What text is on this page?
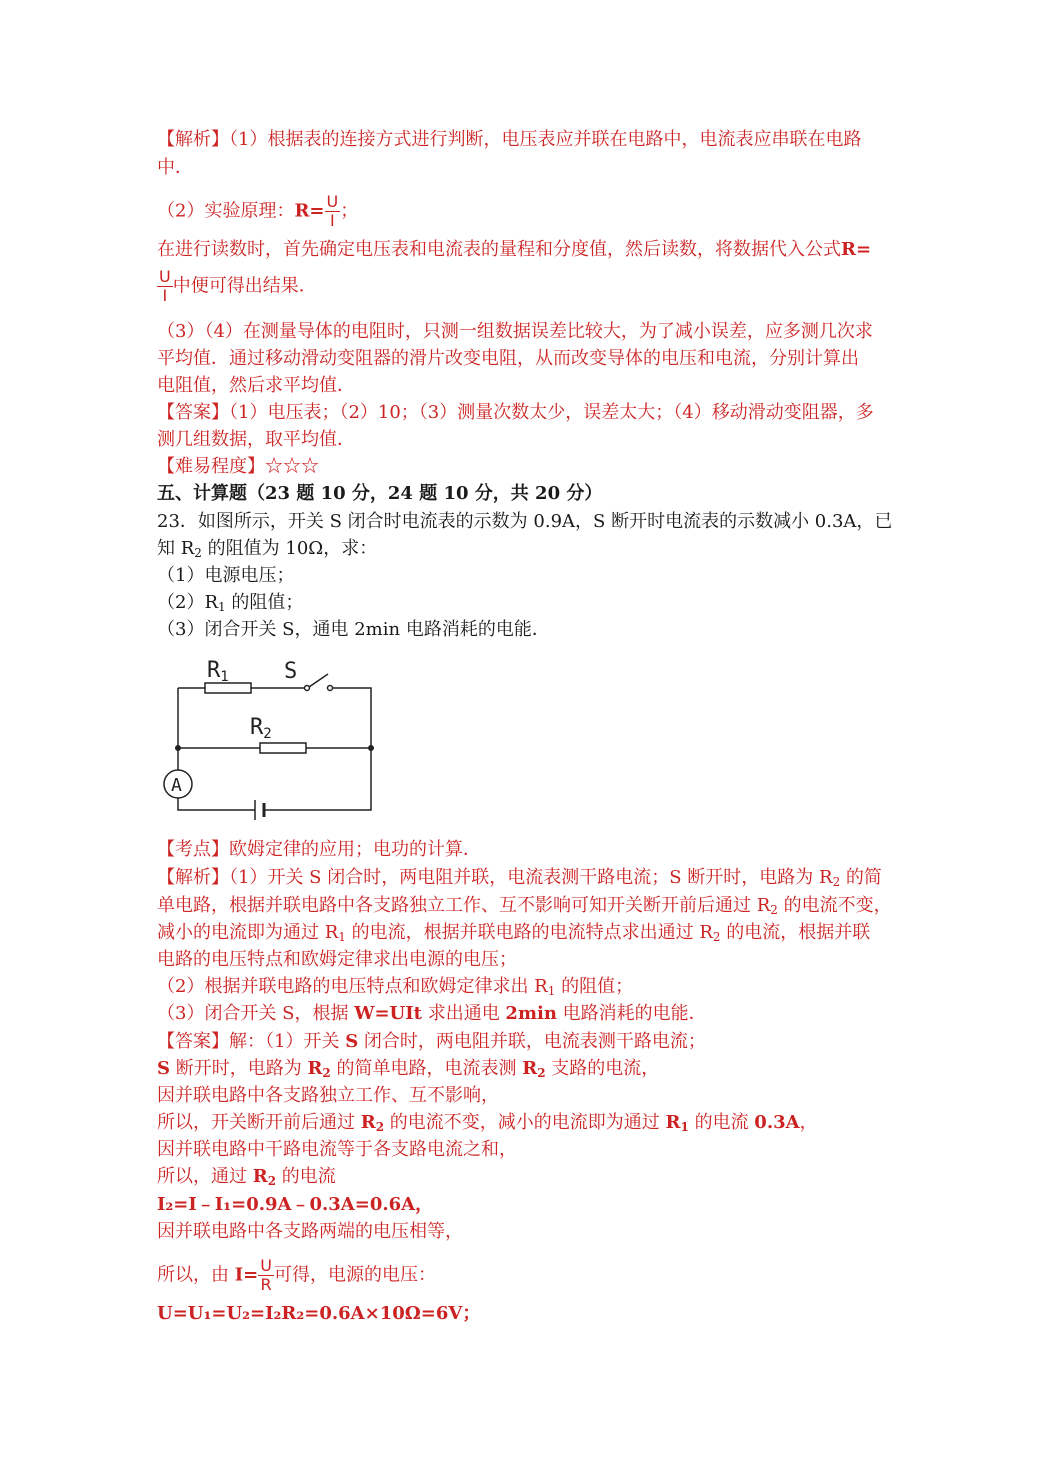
【解析】（1）根据表的连接方式进行判断，电压表应并联在电路中，电流表应串联在电路
中．
（2）实验原理：$R= \frac{U}{I}$ ；
在进行读数时，首先确定电压表和电流表的量程和分度值，然后读数，将数据代入公式R=
$\frac{U}{I}$ 中便可得出结果．
（3）（4）在测量导体的电阻时，只测一组数据误差比较大，为了减小误差，应多测几次求
平均值．通过移动滑动变阻器的滑片改变电阻，从而改变导体的电压和电流，分别计算出
电阻值，然后求平均值．
【答案】（1）电压表；（2）10；（3）测量次数太少，误差太大；（4）移动滑动变阻器，多
测几组数据，取平均值．
【难易程度】☆☆☆
五、计算题（23 题 10 分，24 题 10 分，共 20 分）
23．如图所示，开关 S 闭合时电流表的示数为 0.9A，S 断开时电流表的示数减小 0.3A，已
知 $R_2$ 的阻值为 10Ω，求：
（1）电源电压；
$(2)R_1$ 的阻值；
（3）闭合开关 S，通电 2min 电路消耗的电能．
R1	S
R2
A
【考点】欧姆定律的应用；电功的计算．
【解析】（1）开关 S 闭合时，两电阻并联，电流表测干路电流；S 断开时，电路为 $R_2$ 的简
单电路，根据并联电路中各支路独立工作、互不影响可知开关断开前后通过 $R_2$ 的电流不变，
减小的电流即为通过 $R_1$ 的电流，根据并联电路的电流特点求出通过 $R_2$ 的电流，根据并联
电路的电压特点和欧姆定律求出电源的电压；
（2）根据并联电路的电压特点和欧姆定律求出 $R_1$ 的阻值；
（3）闭合开关 S，根据 W=UIt 求出通电 2min 电路消耗的电能．
【答案】解：（1）开关 S 闭合时，两电阻并联，电流表测干路电流；
S 断开时，电路为 $R_2$ 的简单电路，电流表测 $R_2$ 支路的电流，
因并联电路中各支路独立工作、互不影响，
所以，开关断开前后通过 $R_2$ 的电流不变，减小的电流即为通过 $R_1$ 的电流 0.3A，
因并联电路中干路电流等于各支路电流之和，
所以，通过 $R_2$ 的电流
I₂=I﹣I₁=0.9A﹣0.3A=0.6A，
因并联电路中各支路两端的电压相等，
所以，由 $I= \frac{U}{R}$ 可得，电源的电压：
U=U₁=U₂=I₂R₂=0.6A×10Ω=6V；
